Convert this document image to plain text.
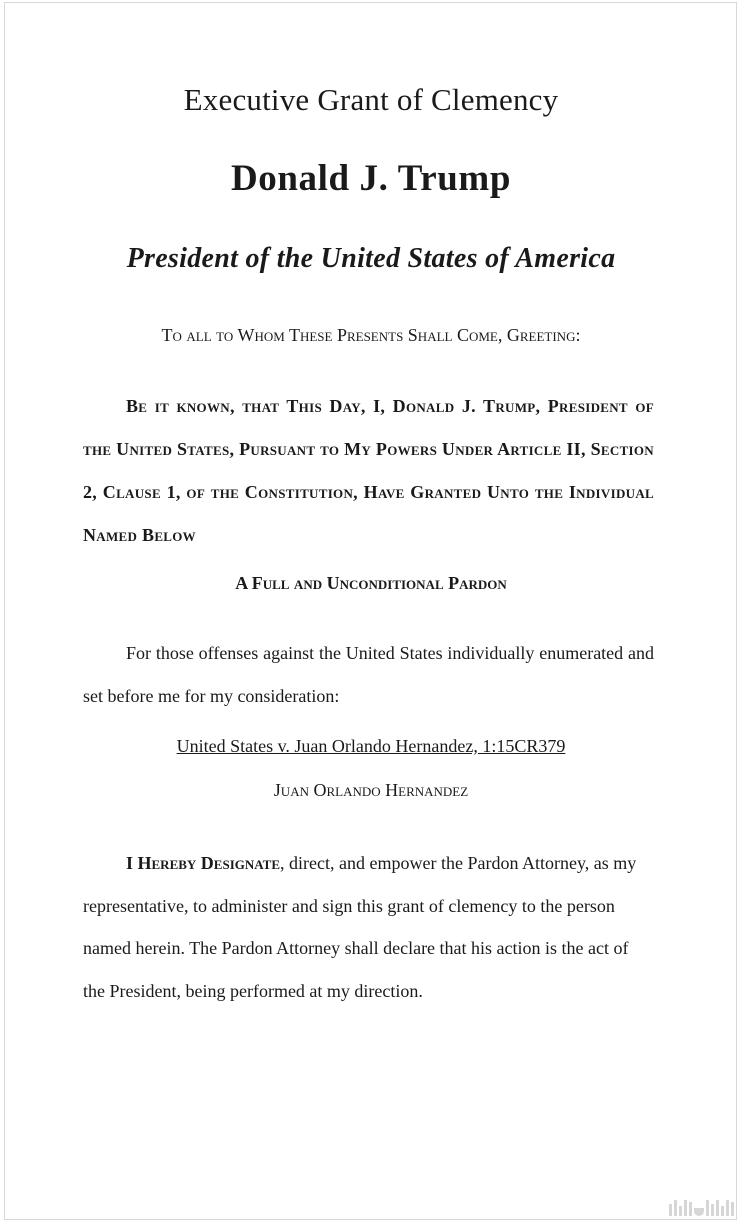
Executive Grant of Clemency
Donald J. Trump
President of the United States of America
To all to Whom These Presents Shall Come, Greeting:
Be it known, that This Day, I, Donald J. Trump, President of the United States, Pursuant to My Powers Under Article II, Section 2, Clause 1, of the Constitution, Have Granted Unto the Individual Named Below
A Full and Unconditional Pardon
For those offenses against the United States individually enumerated and set before me for my consideration:
United States v. Juan Orlando Hernandez, 1:15CR379
Juan Orlando Hernandez
I Hereby Designate, direct, and empower the Pardon Attorney, as my representative, to administer and sign this grant of clemency to the person named herein. The Pardon Attorney shall declare that his action is the act of the President, being performed at my direction.
